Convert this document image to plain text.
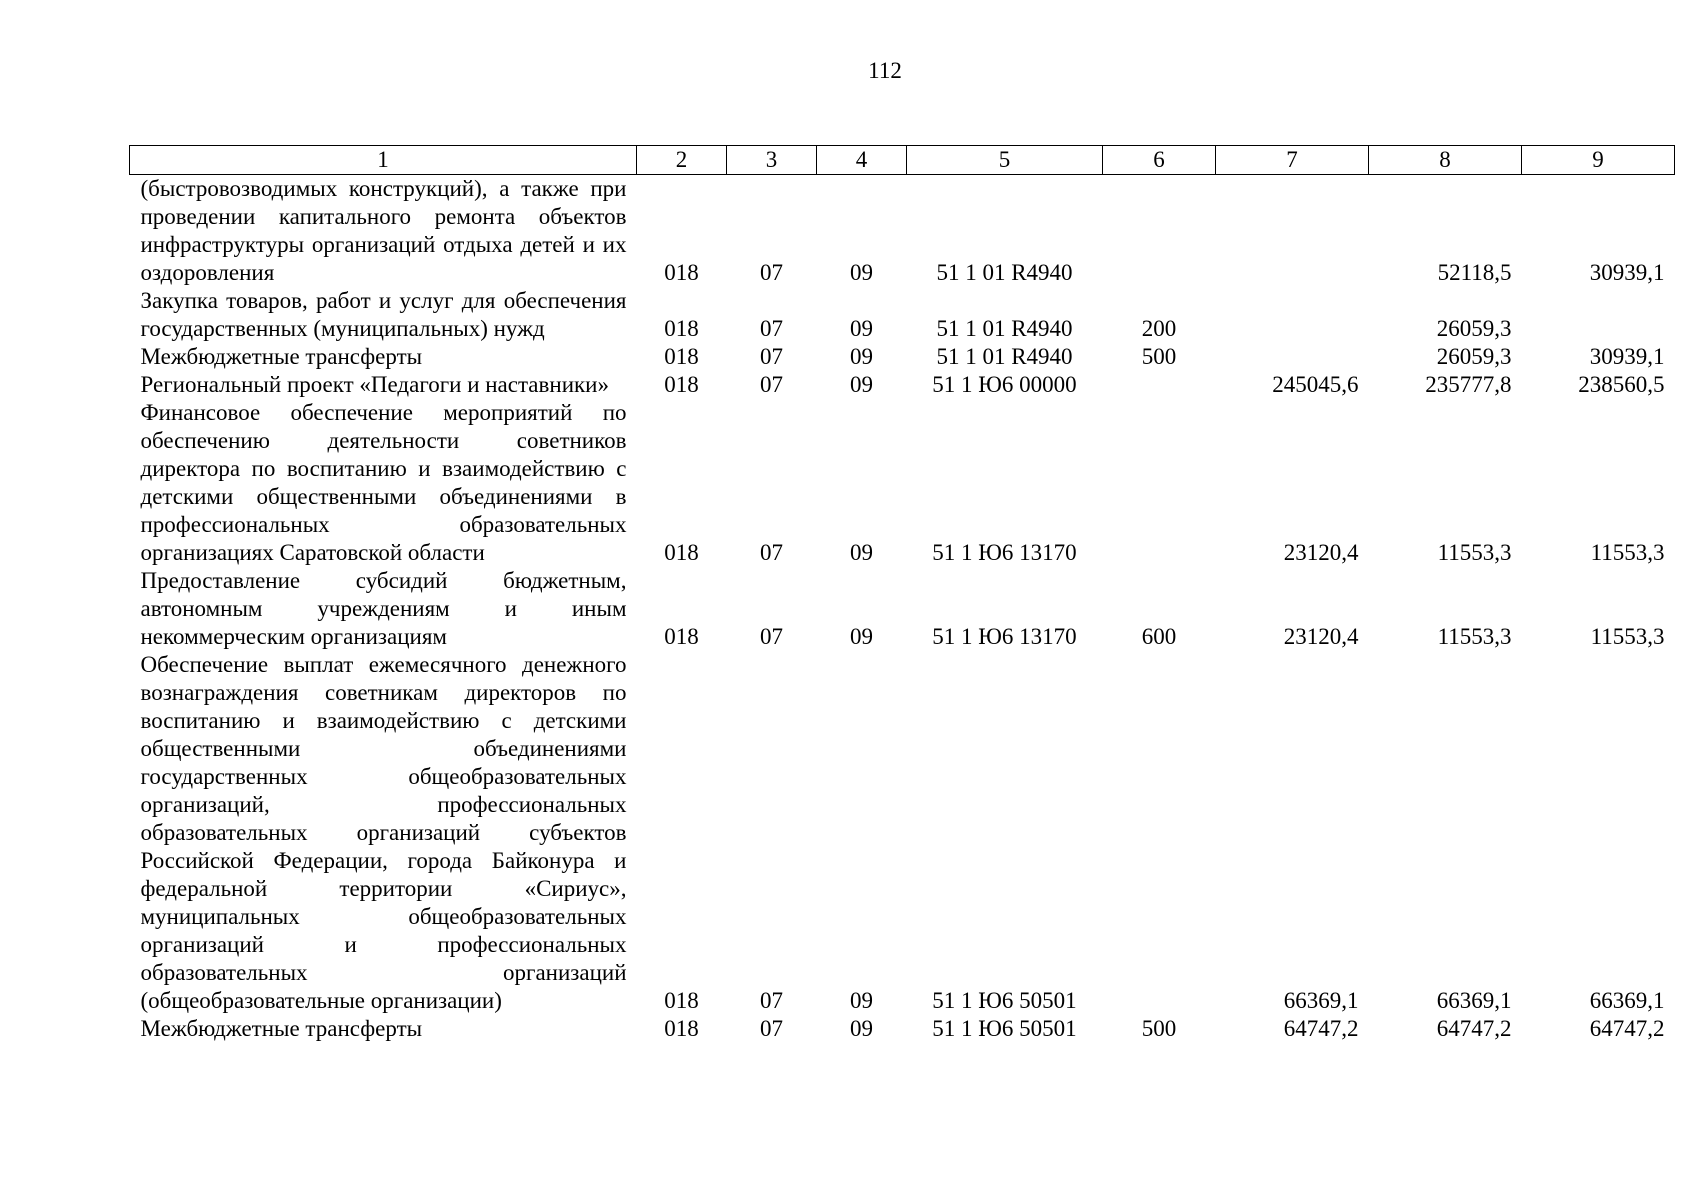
112
1	2	3	4	5	6	7	8	9
(быстровозводимых конструкций), а также при проведении капитального ремонта объектов инфраструктуры организаций отдыха детей и их оздоровления	018	07	09	51 1 01 R4940			52118,5	30939,1
Закупка товаров, работ и услуг для обеспечения государственных (муниципальных) нужд	018	07	09	51 1 01 R4940	200		26059,3	
Межбюджетные трансферты	018	07	09	51 1 01 R4940	500		26059,3	30939,1
Региональный проект «Педагоги и наставники»	018	07	09	51 1 Ю6 00000		245045,6	235777,8	238560,5
Финансовое обеспечение мероприятий по обеспечению деятельности советников директора по воспитанию и взаимодействию с детскими общественными объединениями в профессиональных образовательных организациях Саратовской области	018	07	09	51 1 Ю6 13170		23120,4	11553,3	11553,3
Предоставление субсидий бюджетным, автономным учреждениям и иным некоммерческим организациям	018	07	09	51 1 Ю6 13170	600	23120,4	11553,3	11553,3
Обеспечение выплат ежемесячного денежного вознаграждения советникам директоров по воспитанию и взаимодействию с детскими общественными объединениями государственных общеобразовательных организаций, профессиональных образовательных организаций субъектов Российской Федерации, города Байконура и федеральной территории «Сириус», муниципальных общеобразовательных организаций и профессиональных образовательных организаций (общеобразовательные организации)	018	07	09	51 1 Ю6 50501		66369,1	66369,1	66369,1
Межбюджетные трансферты	018	07	09	51 1 Ю6 50501	500	64747,2	64747,2	64747,2
